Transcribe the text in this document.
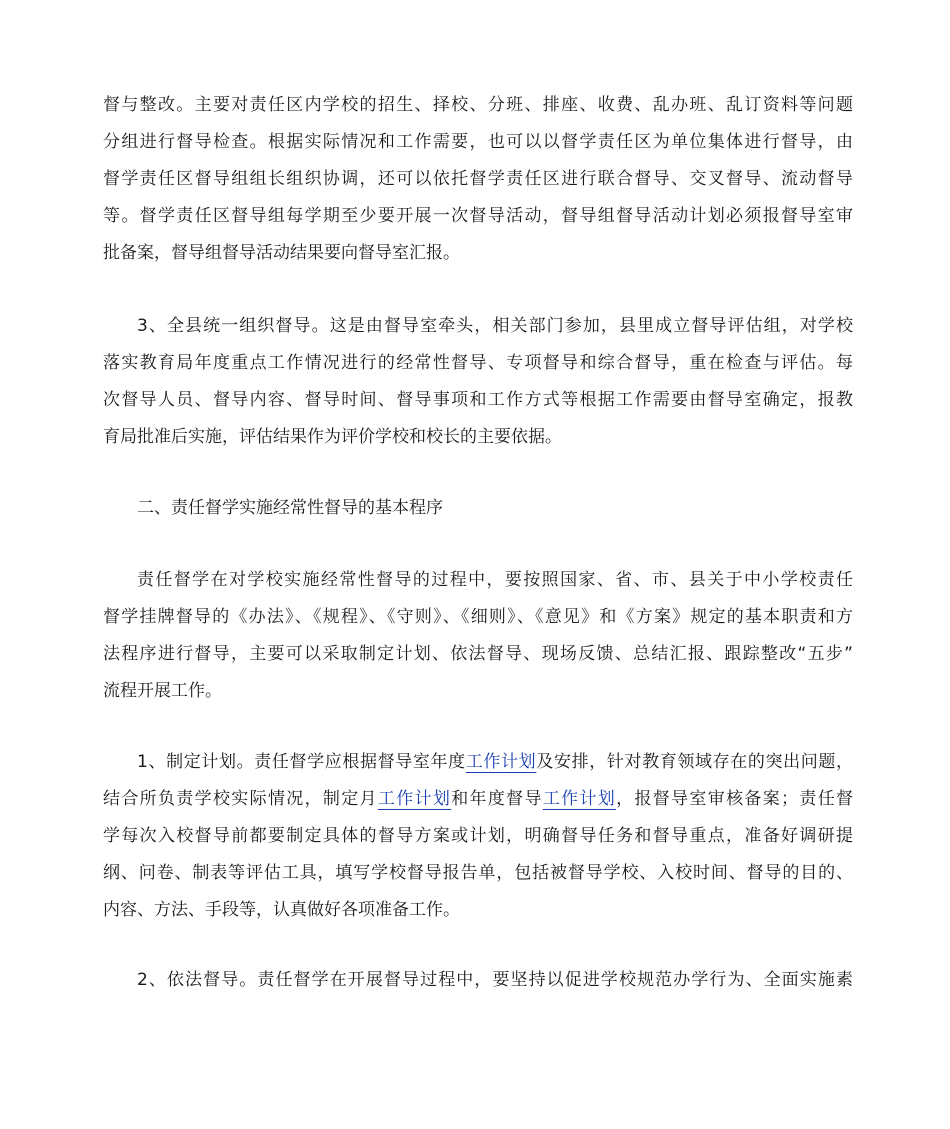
督与整改。主要对责任区内学校的招生、择校、分班、排座、收费、乱办班、乱订资料等问题
分组进行督导检查。根据实际情况和工作需要，也可以以督学责任区为单位集体进行督导，由
督学责任区督导组组长组织协调，还可以依托督学责任区进行联合督导、交叉督导、流动督导
等。督学责任区督导组每学期至少要开展一次督导活动，督导组督导活动计划必须报督导室审
批备案，督导组督导活动结果要向督导室汇报。
3、全县统一组织督导。这是由督导室牵头，相关部门参加，县里成立督导评估组，对学校
落实教育局年度重点工作情况进行的经常性督导、专项督导和综合督导，重在检查与评估。每
次督导人员、督导内容、督导时间、督导事项和工作方式等根据工作需要由督导室确定，报教
育局批准后实施，评估结果作为评价学校和校长的主要依据。
二、责任督学实施经常性督导的基本程序
责任督学在对学校实施经常性督导的过程中，要按照国家、省、市、县关于中小学校责任
督学挂牌督导的《办法》、《规程》、《守则》、《细则》、《意见》和《方案》规定的基本职责和方
法程序进行督导，主要可以采取制定计划、依法督导、现场反馈、总结汇报、跟踪整改“五步”
流程开展工作。
1、制定计划。责任督学应根据督导室年度工作计划及安排，针对教育领域存在的突出问题，
结合所负责学校实际情况，制定月工作计划和年度督导工作计划，报督导室审核备案；责任督
学每次入校督导前都要制定具体的督导方案或计划，明确督导任务和督导重点，准备好调研提
纲、问卷、制表等评估工具，填写学校督导报告单，包括被督导学校、入校时间、督导的目的、
内容、方法、手段等，认真做好各项准备工作。
2、依法督导。责任督学在开展督导过程中，要坚持以促进学校规范办学行为、全面实施素
